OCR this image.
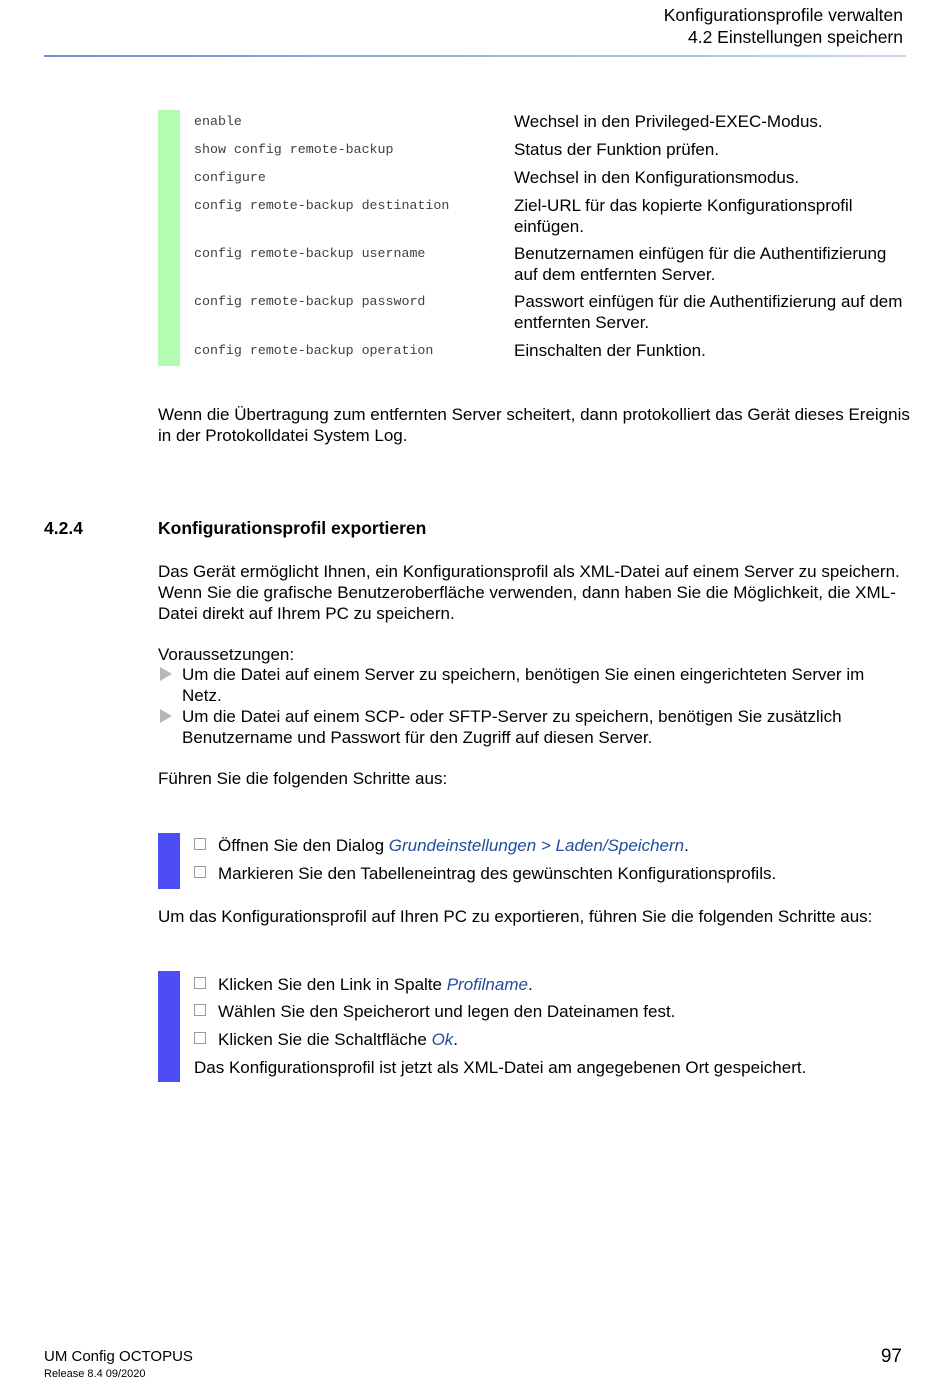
Konfigurationsprofile verwalten
4.2 Einstellungen speichern
enable	Wechsel in den Privileged-EXEC-Modus.
show config remote-backup	Status der Funktion prüfen.
configure	Wechsel in den Konfigurationsmodus.
config remote-backup destination	Ziel-URL für das kopierte Konfigurationsprofil einfügen.
config remote-backup username	Benutzernamen einfügen für die Authentifizierung auf dem entfernten Server.
config remote-backup password	Passwort einfügen für die Authentifizierung auf dem entfernten Server.
config remote-backup operation	Einschalten der Funktion.
Wenn die Übertragung zum entfernten Server scheitert, dann protokolliert das Gerät dieses Ereignis in der Protokolldatei System Log.
4.2.4	Konfigurationsprofil exportieren
Das Gerät ermöglicht Ihnen, ein Konfigurationsprofil als XML-Datei auf einem Server zu speichern. Wenn Sie die grafische Benutzeroberfläche verwenden, dann haben Sie die Möglichkeit, die XML-Datei direkt auf Ihrem PC zu speichern.
Voraussetzungen:
Um die Datei auf einem Server zu speichern, benötigen Sie einen eingerichteten Server im Netz.
Um die Datei auf einem SCP- oder SFTP-Server zu speichern, benötigen Sie zusätzlich Benutzername und Passwort für den Zugriff auf diesen Server.
Führen Sie die folgenden Schritte aus:
Öffnen Sie den Dialog Grundeinstellungen > Laden/Speichern.
Markieren Sie den Tabelleneintrag des gewünschten Konfigurationsprofils.
Um das Konfigurationsprofil auf Ihren PC zu exportieren, führen Sie die folgenden Schritte aus:
Klicken Sie den Link in Spalte Profilname.
Wählen Sie den Speicherort und legen den Dateinamen fest.
Klicken Sie die Schaltfläche Ok.
Das Konfigurationsprofil ist jetzt als XML-Datei am angegebenen Ort gespeichert.
UM Config OCTOPUS
Release 8.4 09/2020
97
